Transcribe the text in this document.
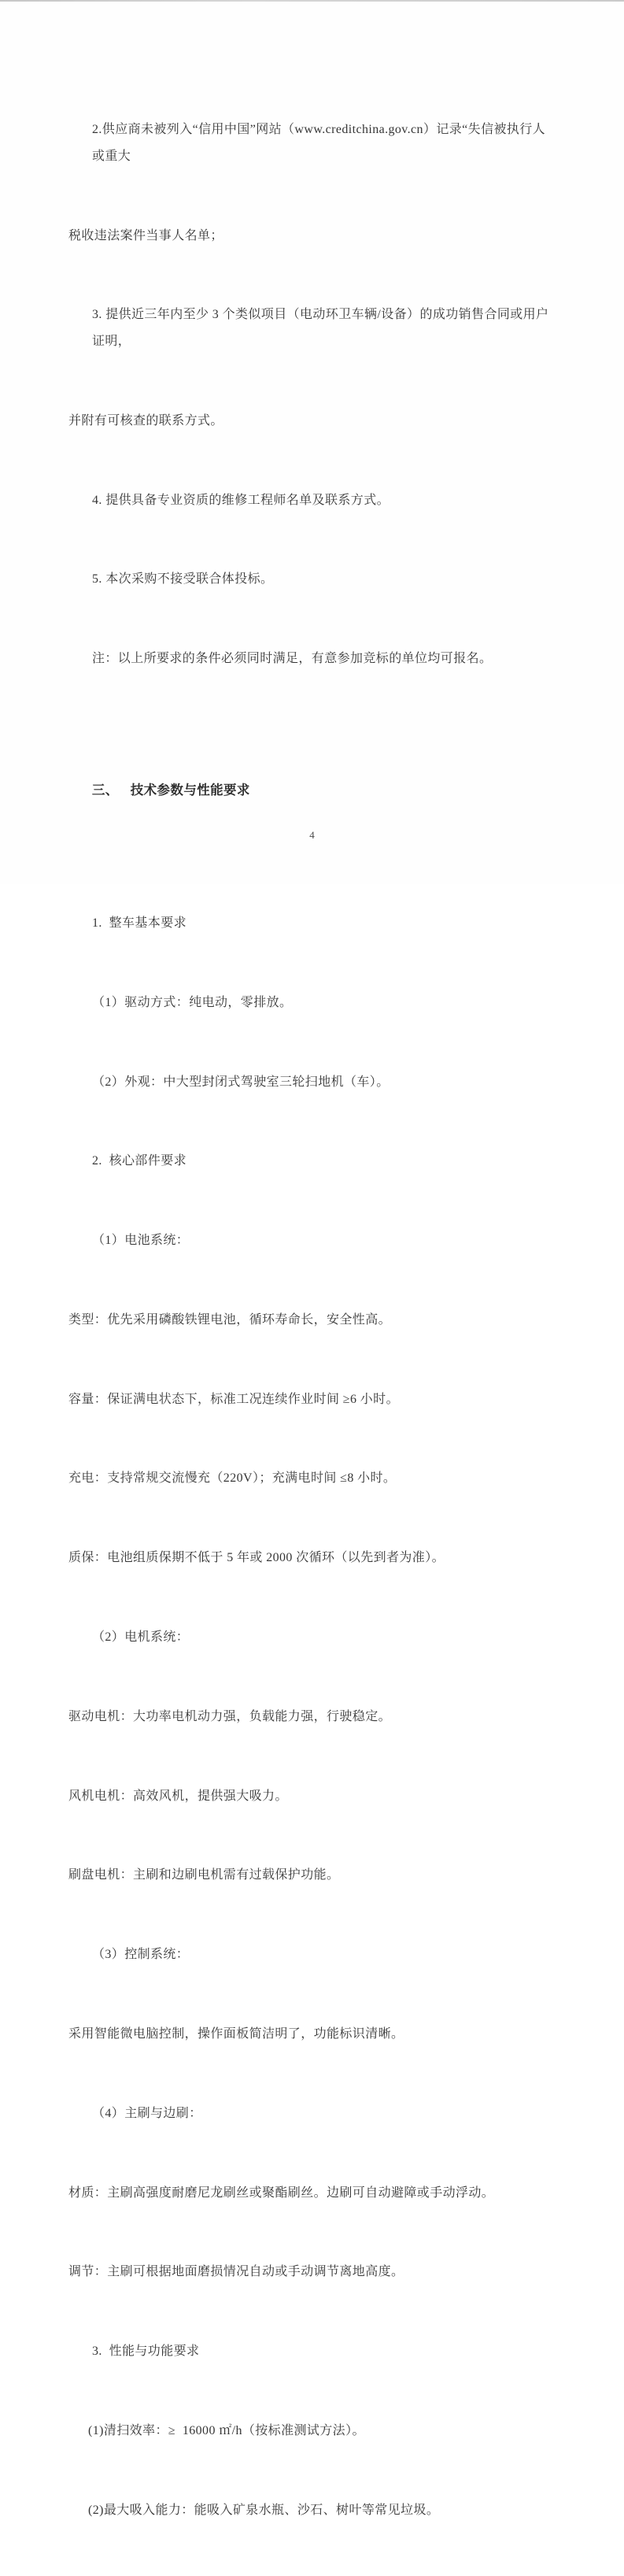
2.供应商未被列入“信用中国”网站（www.creditchina.gov.cn）记录“失信被执行人或重大

税收违法案件当事人名单；

3. 提供近三年内至少 3 个类似项目（电动环卫车辆/设备）的成功销售合同或用户证明，

并附有可核查的联系方式。

4. 提供具备专业资质的维修工程师名单及联系方式。

5. 本次采购不接受联合体投标。

注：以上所要求的条件必须同时满足，有意参加竞标的单位均可报名。

三、 技术参数与性能要求

1.  整车基本要求

（1）驱动方式：纯电动，零排放。

（2）外观：中大型封闭式驾驶室三轮扫地机（车）。

2.  核心部件要求

（1）电池系统：

类型：优先采用磷酸铁锂电池，循环寿命长，安全性高。

容量：保证满电状态下，标准工况连续作业时间 ≥6 小时。

充电：支持常规交流慢充（220V）；充满电时间 ≤8 小时。

质保：电池组质保期不低于 5 年或 2000 次循环（以先到者为准）。

（2）电机系统：

驱动电机：大功率电机动力强，负载能力强，行驶稳定。

风机电机：高效风机，提供强大吸力。

刷盘电机：主刷和边刷电机需有过载保护功能。

（3）控制系统：

采用智能微电脑控制，操作面板简洁明了，功能标识清晰。

（4）主刷与边刷：

材质：主刷高强度耐磨尼龙刷丝或聚酯刷丝。边刷可自动避障或手动浮动。

调节：主刷可根据地面磨损情况自动或手动调节离地高度。

3.  性能与功能要求

(1)清扫效率：≥  16000 ㎡/h（按标准测试方法）。

(2)最大吸入能力：能吸入矿泉水瓶、沙石、树叶等常见垃圾。

4
